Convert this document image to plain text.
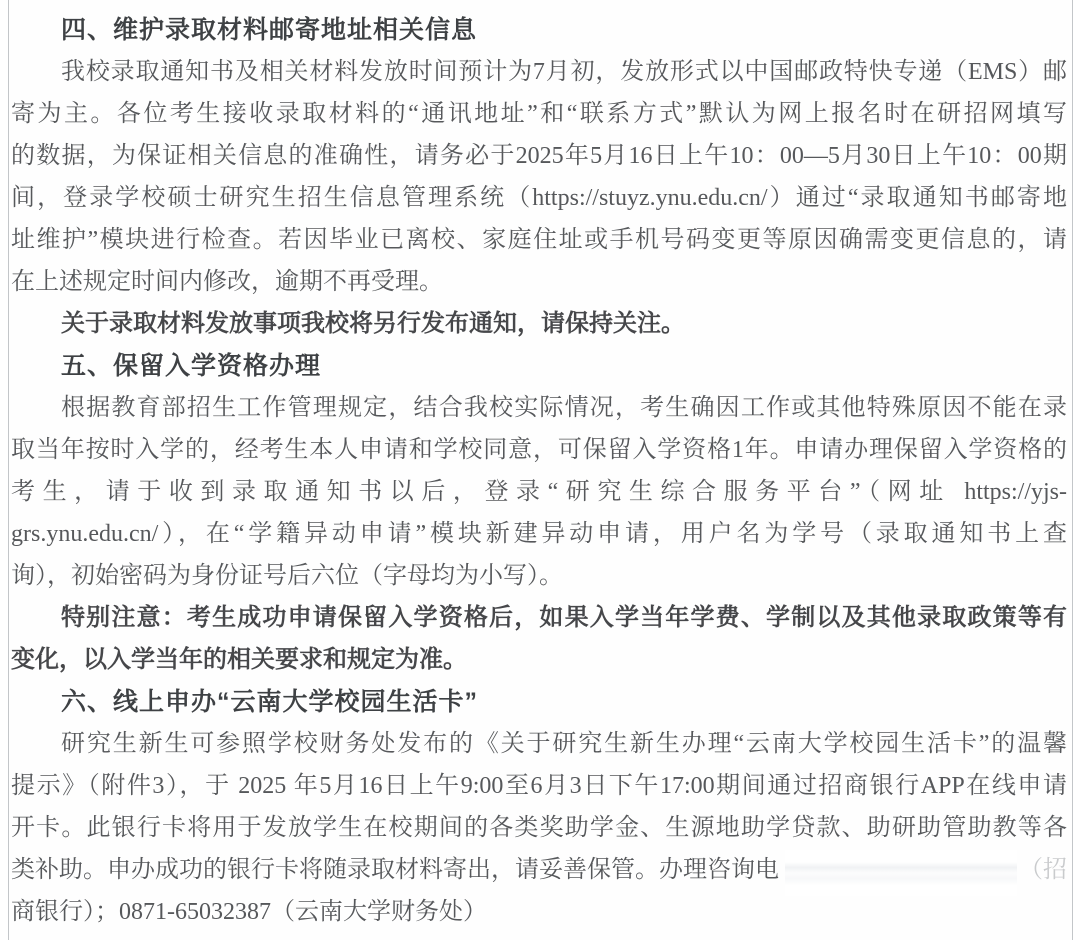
四、维护录取材料邮寄地址相关信息
我校录取通知书及相关材料发放时间预计为7月初，发放形式以中国邮政特快专递（EMS）邮
寄为主。各位考生接收录取材料的“通讯地址”和“联系方式”默认为网上报名时在研招网填写
的数据，为保证相关信息的准确性，请务必于2025年5月16日上午10：00—5月30日上午10：00期
间，登录学校硕士研究生招生信息管理系统（https://stuyz.ynu.edu.cn/）通过“录取通知书邮寄地
址维护”模块进行检查。若因毕业已离校、家庭住址或手机号码变更等原因确需变更信息的，请
在上述规定时间内修改，逾期不再受理。
关于录取材料发放事项我校将另行发布通知，请保持关注。
五、保留入学资格办理
根据教育部招生工作管理规定，结合我校实际情况，考生确因工作或其他特殊原因不能在录
取当年按时入学的，经考生本人申请和学校同意，可保留入学资格1年。申请办理保留入学资格的
考生，请于收到录取通知书以后，登录“研究生综合服务平台”（网址 https://yjs-
grs.ynu.edu.cn/），在“学籍异动申请”模块新建异动申请，用户名为学号（录取通知书上查
询），初始密码为身份证号后六位（字母均为小写）。
特别注意：考生成功申请保留入学资格后，如果入学当年学费、学制以及其他录取政策等有
变化，以入学当年的相关要求和规定为准。
六、线上申办“云南大学校园生活卡”
研究生新生可参照学校财务处发布的《关于研究生新生办理“云南大学校园生活卡”的温馨
提示》（附件3），于 2025 年5月16日上午9:00至6月3日下午17:00期间通过招商银行APP在线申请
开卡。此银行卡将用于发放学生在校期间的各类奖助学金、生源地助学贷款、助研助管助教等各
类补助。申办成功的银行卡将随录取材料寄出，请妥善保管。办理咨询电	（招
商银行）；0871-65032387（云南大学财务处）
